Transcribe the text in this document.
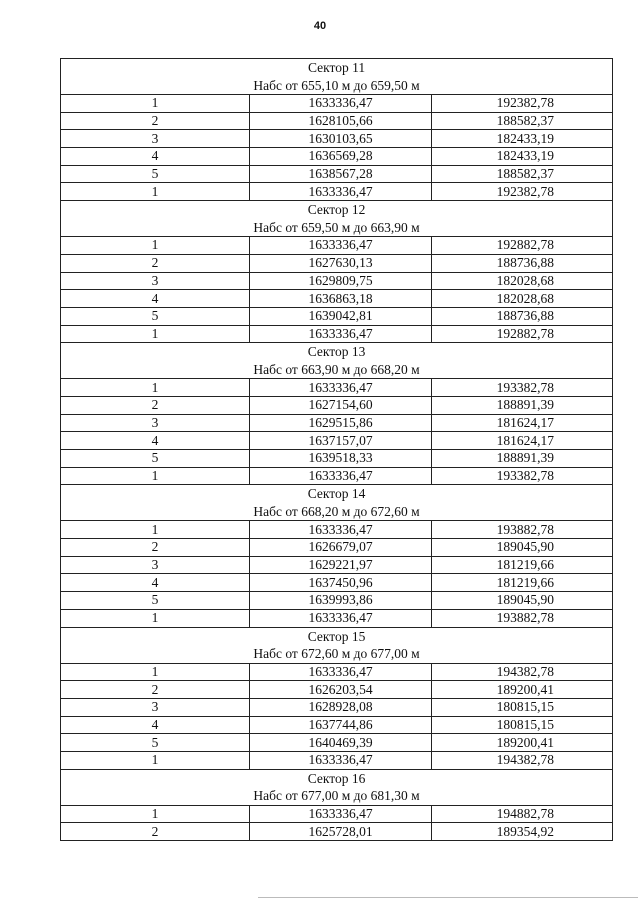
40
Сектор 11
Набс от 655,10 м до 659,50 м		

1	1633336,47	192382,78
2	1628105,66	188582,37
3	1630103,65	182433,19
4	1636569,28	182433,19
5	1638567,28	188582,37
1	1633336,47	192382,78

Сектор 12
Набс от 659,50 м до 663,90 м		

1	1633336,47	192882,78
2	1627630,13	188736,88
3	1629809,75	182028,68
4	1636863,18	182028,68
5	1639042,81	188736,88
1	1633336,47	192882,78

Сектор 13
Набс от 663,90 м до 668,20 м		

1	1633336,47	193382,78
2	1627154,60	188891,39
3	1629515,86	181624,17
4	1637157,07	181624,17
5	1639518,33	188891,39
1	1633336,47	193382,78

Сектор 14
Набс от 668,20 м до 672,60 м		

1	1633336,47	193882,78
2	1626679,07	189045,90
3	1629221,97	181219,66
4	1637450,96	181219,66
5	1639993,86	189045,90
1	1633336,47	193882,78

Сектор 15
Набс от 672,60 м до 677,00 м		

1	1633336,47	194382,78
2	1626203,54	189200,41
3	1628928,08	180815,15
4	1637744,86	180815,15
5	1640469,39	189200,41
1	1633336,47	194382,78

Сектор 16
Набс от 677,00 м до 681,30 м		

1	1633336,47	194882,78
2	1625728,01	189354,92
